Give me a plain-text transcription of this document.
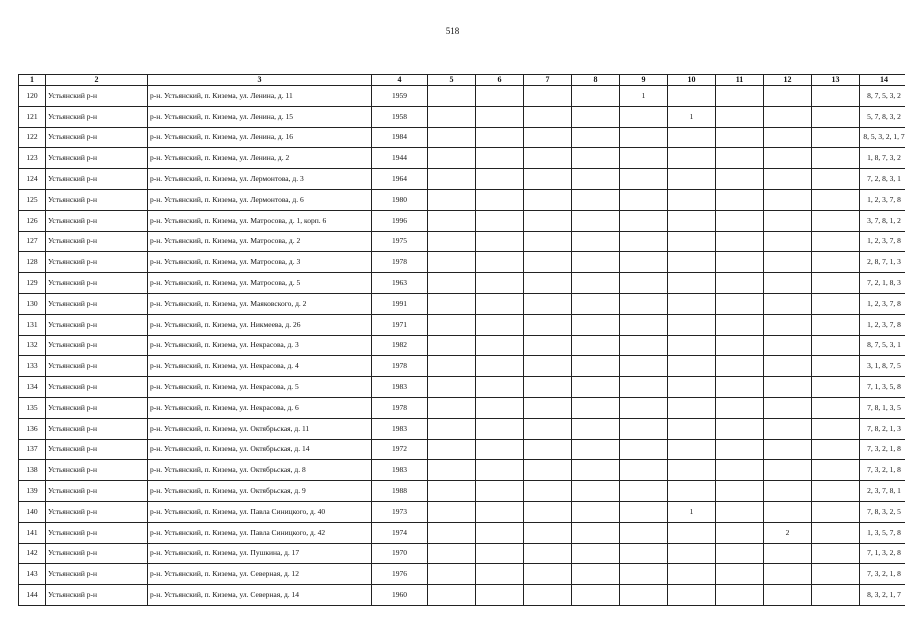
518
1	2	3	4	5	6	7	8	9	10	11	12	13	14
120	Устьянский р-н	р-н. Устьянский, п. Кизема, ул. Ленина, д. 11	1959					1					8, 7, 5, 3, 2
121	Устьянский р-н	р-н. Устьянский, п. Кизема, ул. Ленина, д. 15	1958						1				5, 7, 8, 3, 2
122	Устьянский р-н	р-н. Устьянский, п. Кизема, ул. Ленина, д. 16	1984										8, 5, 3, 2, 1, 7
123	Устьянский р-н	р-н. Устьянский, п. Кизема, ул. Ленина, д. 2	1944										1, 8, 7, 3, 2
124	Устьянский р-н	р-н. Устьянский, п. Кизема, ул. Лермонтова, д. 3	1964										7, 2, 8, 3, 1
125	Устьянский р-н	р-н. Устьянский, п. Кизема, ул. Лермонтова, д. 6	1980										1, 2, 3, 7, 8
126	Устьянский р-н	р-н. Устьянский, п. Кизема, ул. Матросова, д. 1, корп. 6	1996										3, 7, 8, 1, 2
127	Устьянский р-н	р-н. Устьянский, п. Кизема, ул. Матросова, д. 2	1975										1, 2, 3, 7, 8
128	Устьянский р-н	р-н. Устьянский, п. Кизема, ул. Матросова, д. 3	1978										2, 8, 7, 1, 3
129	Устьянский р-н	р-н. Устьянский, п. Кизема, ул. Матросова, д. 5	1963										7, 2, 1, 8, 3
130	Устьянский р-н	р-н. Устьянский, п. Кизема, ул. Маяковского, д. 2	1991										1, 2, 3, 7, 8
131	Устьянский р-н	р-н. Устьянский, п. Кизема, ул. Никмеева, д. 26	1971										1, 2, 3, 7, 8
132	Устьянский р-н	р-н. Устьянский, п. Кизема, ул. Некрасова, д. 3	1982										8, 7, 5, 3, 1
133	Устьянский р-н	р-н. Устьянский, п. Кизема, ул. Некрасова, д. 4	1978										3, 1, 8, 7, 5
134	Устьянский р-н	р-н. Устьянский, п. Кизема, ул. Некрасова, д. 5	1983										7, 1, 3, 5, 8
135	Устьянский р-н	р-н. Устьянский, п. Кизема, ул. Некрасова, д. 6	1978										7, 8, 1, 3, 5
136	Устьянский р-н	р-н. Устьянский, п. Кизема, ул. Октябрьская, д. 11	1983										7, 8, 2, 1, 3
137	Устьянский р-н	р-н. Устьянский, п. Кизема, ул. Октябрьская, д. 14	1972										7, 3, 2, 1, 8
138	Устьянский р-н	р-н. Устьянский, п. Кизема, ул. Октябрьская, д. 8	1983										7, 3, 2, 1, 8
139	Устьянский р-н	р-н. Устьянский, п. Кизема, ул. Октябрьская, д. 9	1988										2, 3, 7, 8, 1
140	Устьянский р-н	р-н. Устьянский, п. Кизема, ул. Павла Синицкого, д. 40	1973						1				7, 8, 3, 2, 5
141	Устьянский р-н	р-н. Устьянский, п. Кизема, ул. Павла Синицкого, д. 42	1974								2		1, 3, 5, 7, 8
142	Устьянский р-н	р-н. Устьянский, п. Кизема, ул. Пушкина, д. 17	1970										7, 1, 3, 2, 8
143	Устьянский р-н	р-н. Устьянский, п. Кизема, ул. Северная, д. 12	1976										7, 3, 2, 1, 8
144	Устьянский р-н	р-н. Устьянский, п. Кизема, ул. Северная, д. 14	1960										8, 3, 2, 1, 7
